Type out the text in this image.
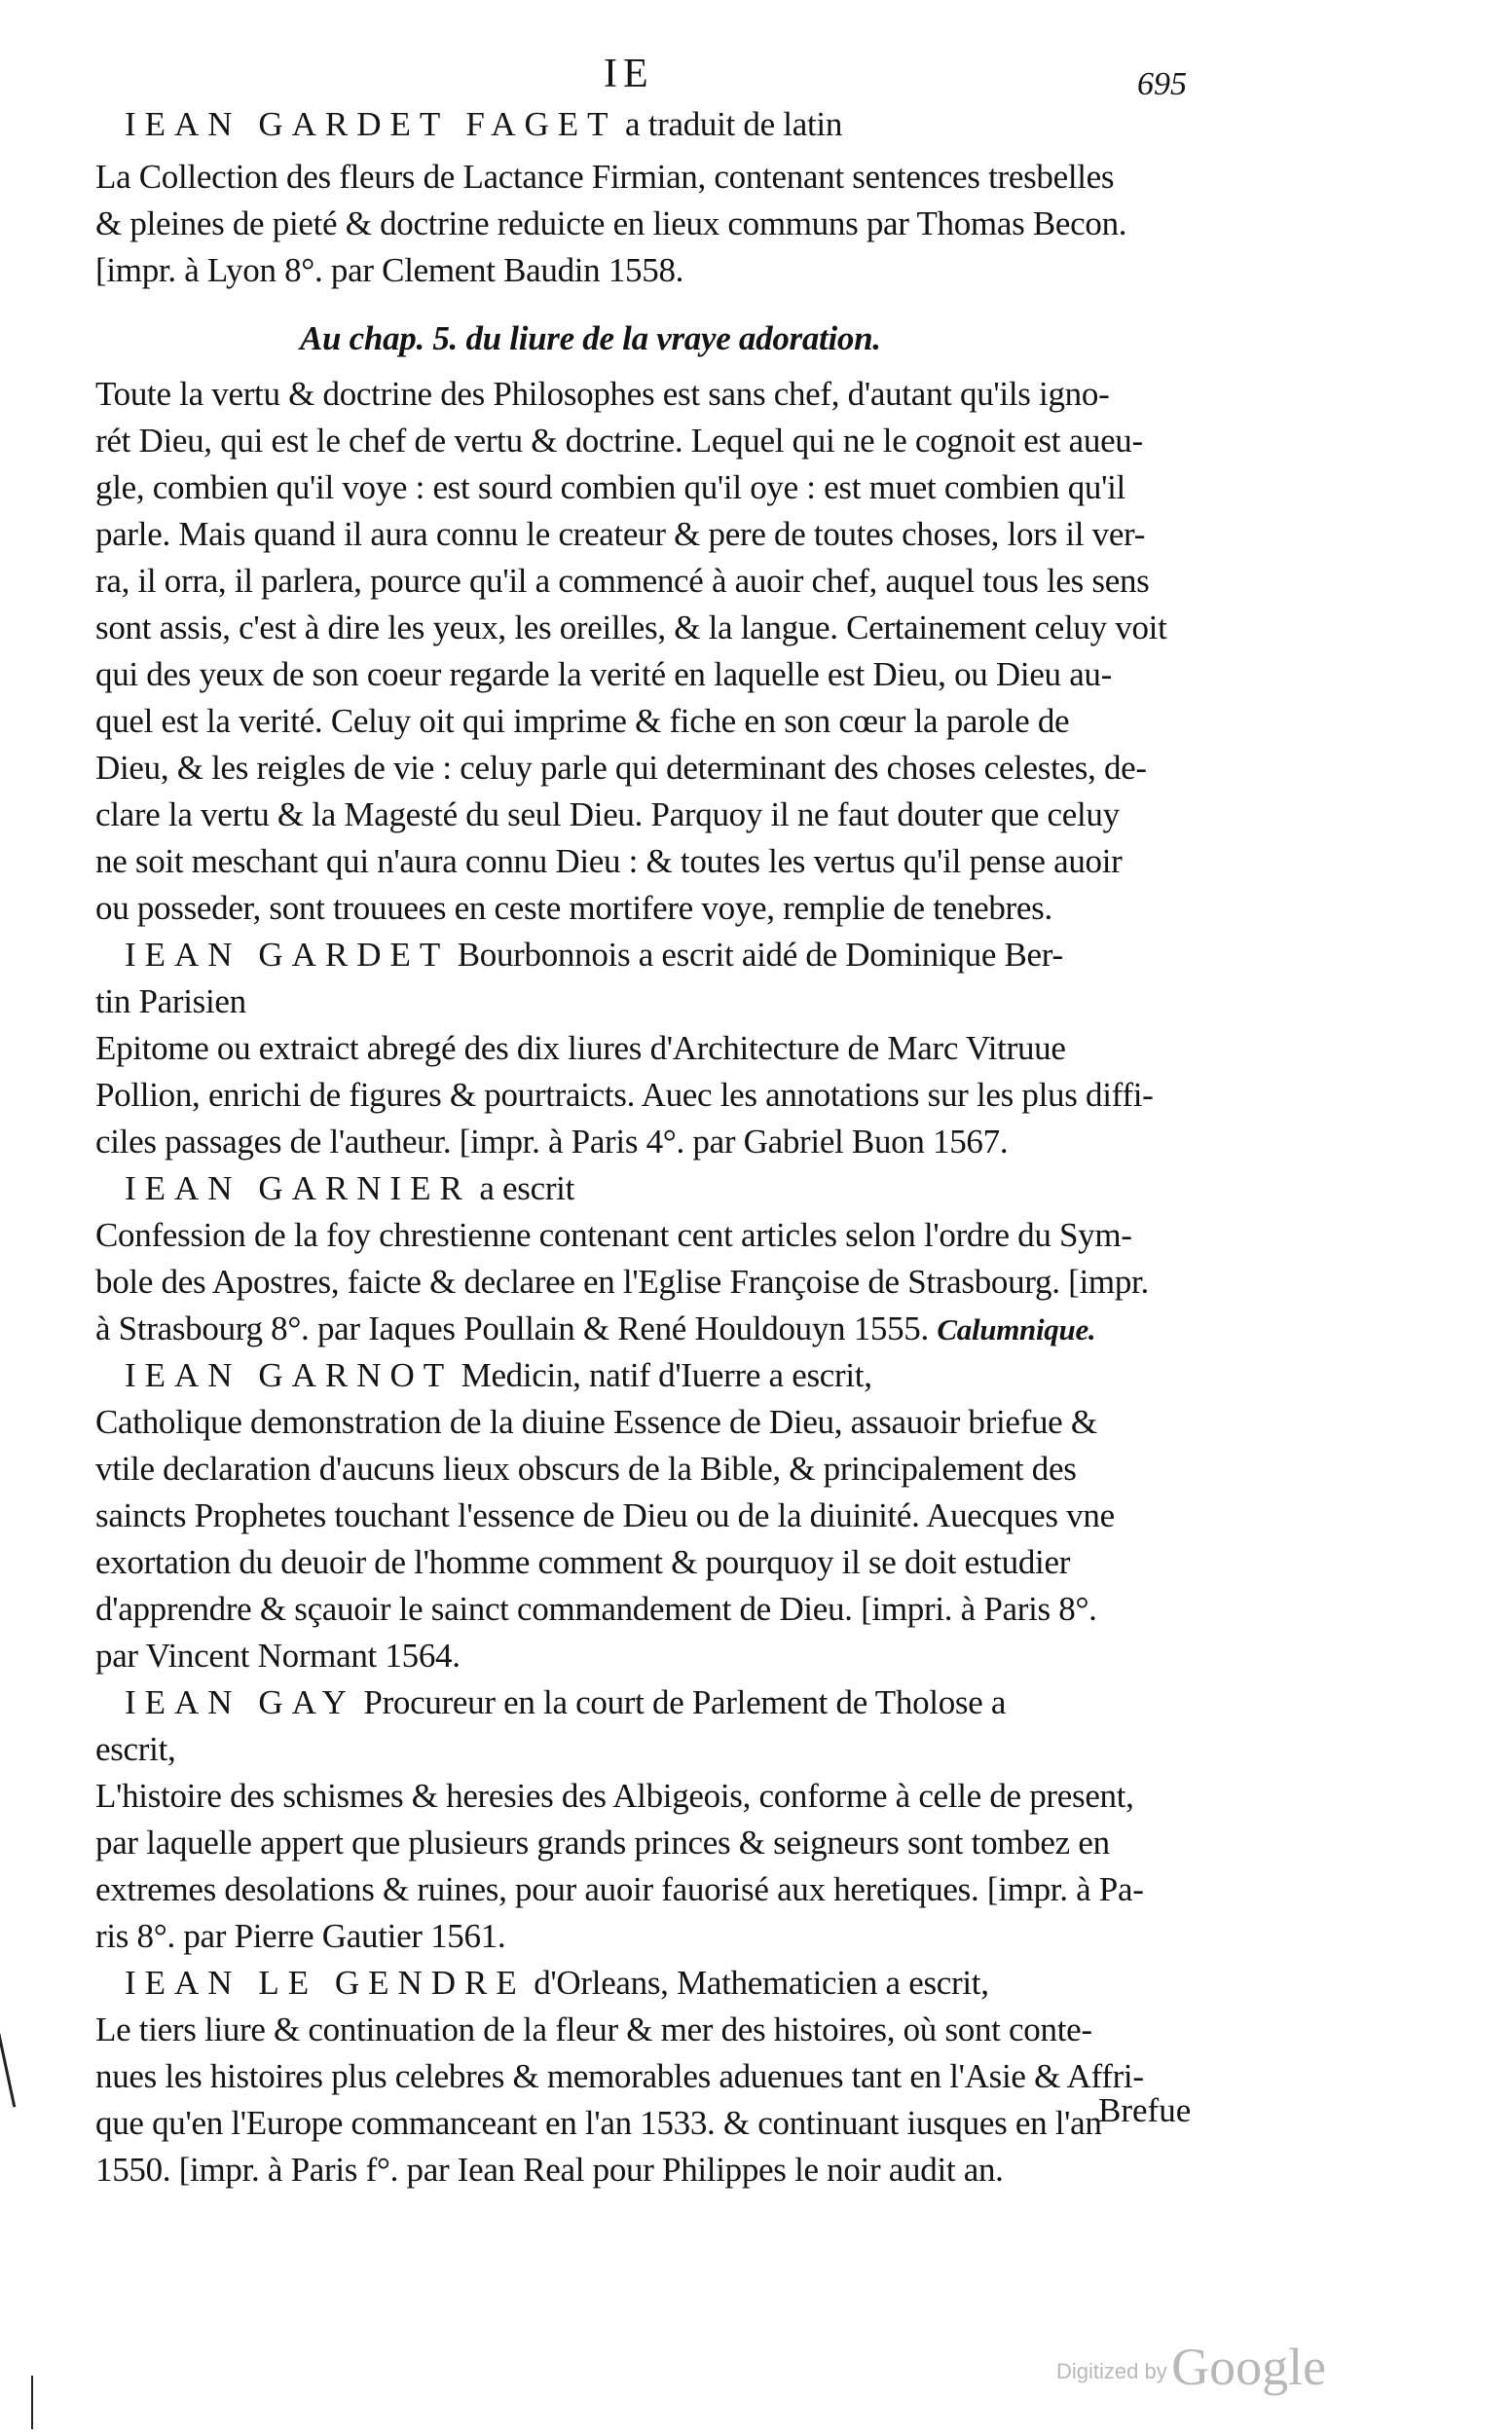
IE	695
IEAN GARDET FAGET a traduit de latin
La Collection des fleurs de Lactance Firmian, contenant sentences tresbelles
& pleines de pieté & doctrine reduicte en lieux communs par Thomas Becon.
[impr. à Lyon 8°. par Clement Baudin 1558.
Au chap. 5. du liure de la vraye adoration.
Toute la vertu & doctrine des Philosophes est sans chef, d'autant qu'ils igno-
rét Dieu, qui est le chef de vertu & doctrine. Lequel qui ne le cognoit est aueu-
gle, combien qu'il voye : est sourd combien qu'il oye : est muet combien qu'il
parle. Mais quand il aura connu le createur & pere de toutes choses, lors il ver-
ra, il orra, il parlera, pource qu'il a commencé à auoir chef, auquel tous les sens
sont assis, c'est à dire les yeux, les oreilles, & la langue. Certainement celuy voit
qui des yeux de son coeur regarde la verité en laquelle est Dieu, ou Dieu au-
quel est la verité. Celuy oit qui imprime & fiche en son cœur la parole de
Dieu, & les reigles de vie : celuy parle qui determinant des choses celestes, de-
clare la vertu & la Magesté du seul Dieu. Parquoy il ne faut douter que celuy
ne soit meschant qui n'aura connu Dieu : & toutes les vertus qu'il pense auoir
ou posseder, sont trouuees en ceste mortifere voye, remplie de tenebres.
IEAN GARDET Bourbonnois a escrit aidé de Dominique Ber-
tin Parisien
Epitome ou extraict abregé des dix liures d'Architecture de Marc Vitruue
Pollion, enrichi de figures & pourtraicts. Auec les annotations sur les plus diffi-
ciles passages de l'autheur. [impr. à Paris 4°. par Gabriel Buon 1567.
IEAN GARNIER a escrit
Confession de la foy chrestienne contenant cent articles selon l'ordre du Sym-
bole des Apostres, faicte & declaree en l'Eglise Françoise de Strasbourg. [impr.
à Strasbourg 8°. par Iaques Poullain & René Houldouyn 1555. Calumnique.
IEAN GARNOT Medicin, natif d'Iuerre a escrit,
Catholique demonstration de la diuine Essence de Dieu, assauoir briefue &
vtile declaration d'aucuns lieux obscurs de la Bible, & principalement des
saincts Prophetes touchant l'essence de Dieu ou de la diuinité. Auecques vne
exortation du deuoir de l'homme comment & pourquoy il se doit estudier
d'apprendre & sçauoir le sainct commandement de Dieu. [impri. à Paris 8°.
par Vincent Normant 1564.
IEAN GAY Procureur en la court de Parlement de Tholose a
escrit,
L'histoire des schismes & heresies des Albigeois, conforme à celle de present,
par laquelle appert que plusieurs grands princes & seigneurs sont tombez en
extremes desolations & ruines, pour auoir fauorisé aux heretiques. [impr. à Pa-
ris 8°. par Pierre Gautier 1561.
IEAN LE GENDRE d'Orleans, Mathematicien a escrit,
Le tiers liure & continuation de la fleur & mer des histoires, où sont conte-
nues les histoires plus celebres & memorables aduenues tant en l'Asie & Affri-
que qu'en l'Europe commanceant en l'an 1533. & continuant iusques en l'an
1550. [impr. à Paris f°. par Iean Real pour Philippes le noir audit an.
Brefue
Digitized by Google
